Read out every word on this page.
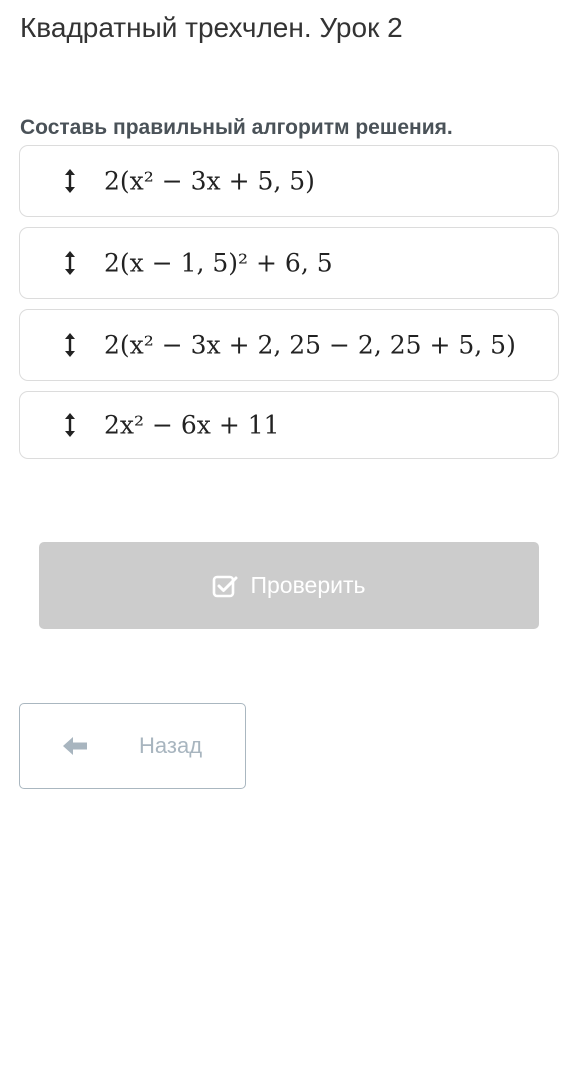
Квадратный трехчлен. Урок 2
Составь правильный алгоритм решения.
2(x² − 3x + 5, 5)
2(x − 1, 5)² + 6, 5
2(x² − 3x + 2, 25 − 2, 25 + 5, 5)
2x² − 6x + 11
Проверить
Назад
